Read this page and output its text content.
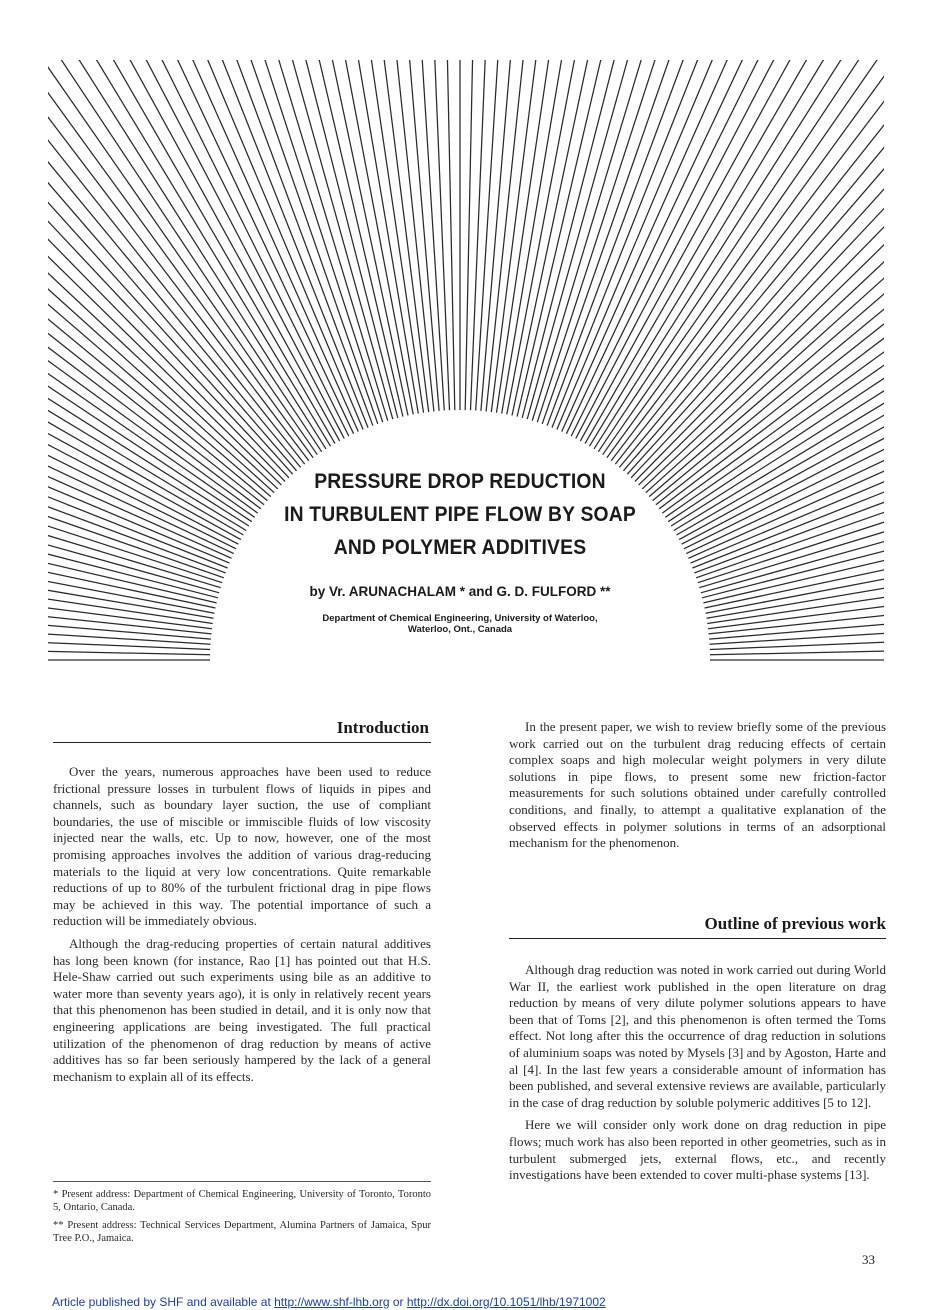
PRESSURE DROP REDUCTION
IN TURBULENT PIPE FLOW BY SOAP
AND POLYMER ADDITIVES
by Vr. ARUNACHALAM * and G. D. FULFORD **
Department of Chemical Engineering, University of Waterloo,
Waterloo, Ont., Canada
Introduction

Over the years, numerous approaches have been used to reduce frictional pressure losses in turbulent flows of liquids in pipes and channels, such as boundary layer suction, the use of compliant boundaries, the use of miscible or immiscible fluids of low viscosity injected near the walls, etc. Up to now, however, one of the most promising approaches involves the addition of various drag-reducing materials to the liquid at very low concentrations. Quite remarkable reductions of up to 80% of the turbulent frictional drag in pipe flows may be achieved in this way. The potential importance of such a reduction will be immediately obvious.

Although the drag-reducing properties of certain natural additives has long been known (for instance, Rao [1] has pointed out that H.S. Hele-Shaw carried out such experiments using bile as an additive to water more than seventy years ago), it is only in relatively recent years that this phenomenon has been studied in detail, and it is only now that engineering applications are being investigated. The full practical utilization of the phenomenon of drag reduction by means of active additives has so far been seriously hampered by the lack of a general mechanism to explain all of its effects.

* Present address: Department of Chemical Engineering, University of Toronto, Toronto 5, Ontario, Canada.
** Present address: Technical Services Department, Alumina Partners of Jamaica, Spur Tree P.O., Jamaica.

In the present paper, we wish to review briefly some of the previous work carried out on the turbulent drag reducing effects of certain complex soaps and high molecular weight polymers in very dilute solutions in pipe flows, to present some new friction-factor measurements for such solutions obtained under carefully controlled conditions, and finally, to attempt a qualitative explanation of the observed effects in polymer solutions in terms of an adsorptional mechanism for the phenomenon.

Outline of previous work

Although drag reduction was noted in work carried out during World War II, the earliest work published in the open literature on drag reduction by means of very dilute polymer solutions appears to have been that of Toms [2], and this phenomenon is often termed the Toms effect. Not long after this the occurrence of drag reduction in solutions of aluminium soaps was noted by Mysels [3] and by Agoston, Harte and al [4]. In the last few years a considerable amount of information has been published, and several extensive reviews are available, particularly in the case of drag reduction by soluble polymeric additives [5 to 12].

Here we will consider only work done on drag reduction in pipe flows; much work has also been reported in other geometries, such as in turbulent submerged jets, external flows, etc., and recently investigations have been extended to cover multi-phase systems [13].

33
Article published by SHF and available at http://www.shf-lhb.org or http://dx.doi.org/10.1051/lhb/1971002
